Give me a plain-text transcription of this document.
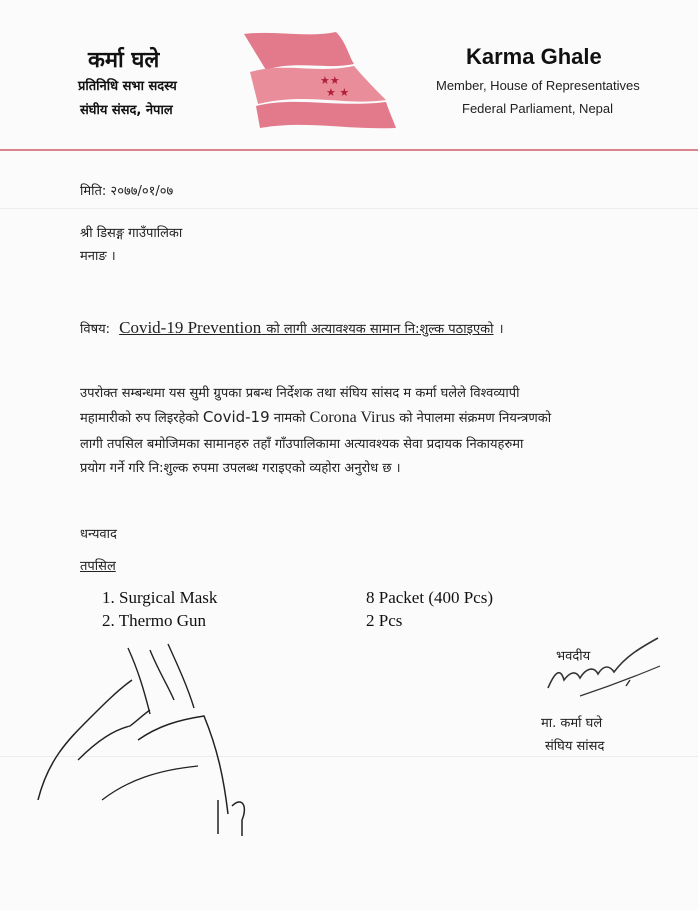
कर्मा घले
प्रतिनिधि सभा सदस्य
संघीय संसद, नेपाल
★★
★ ★
Karma Ghale
Member, House of Representatives
Federal Parliament, Nepal
मिति: २०७७/०१/०७
श्री डिसङ्ग गाउँपालिका
मनाङ ।
विषय: Covid-19 Prevention को लागी अत्यावश्यक सामान नि:शुल्क पठाइएको ।
उपरोक्त सम्बन्धमा यस सुमी ग्रुपका प्रबन्ध निर्देशक तथा संघिय सांसद म कर्मा घलेले विश्वव्यापी
महामारीको रुप लिइरहेको Covid-19 नामको Corona Virus को नेपालमा संक्रमण नियन्त्रणको
लागी तपसिल बमोजिमका सामानहरु तहाँ गाँउपालिकामा अत्यावश्यक सेवा प्रदायक निकायहरुमा
प्रयोग गर्ने गरि नि:शुल्क रुपमा उपलब्ध गराइएको व्यहोरा अनुरोध छ ।
धन्यवाद
तपसिल
1. Surgical Mask	8 Packet (400 Pcs)
2. Thermo Gun	2 Pcs
भवदीय
मा. कर्मा घले
संघिय सांसद
